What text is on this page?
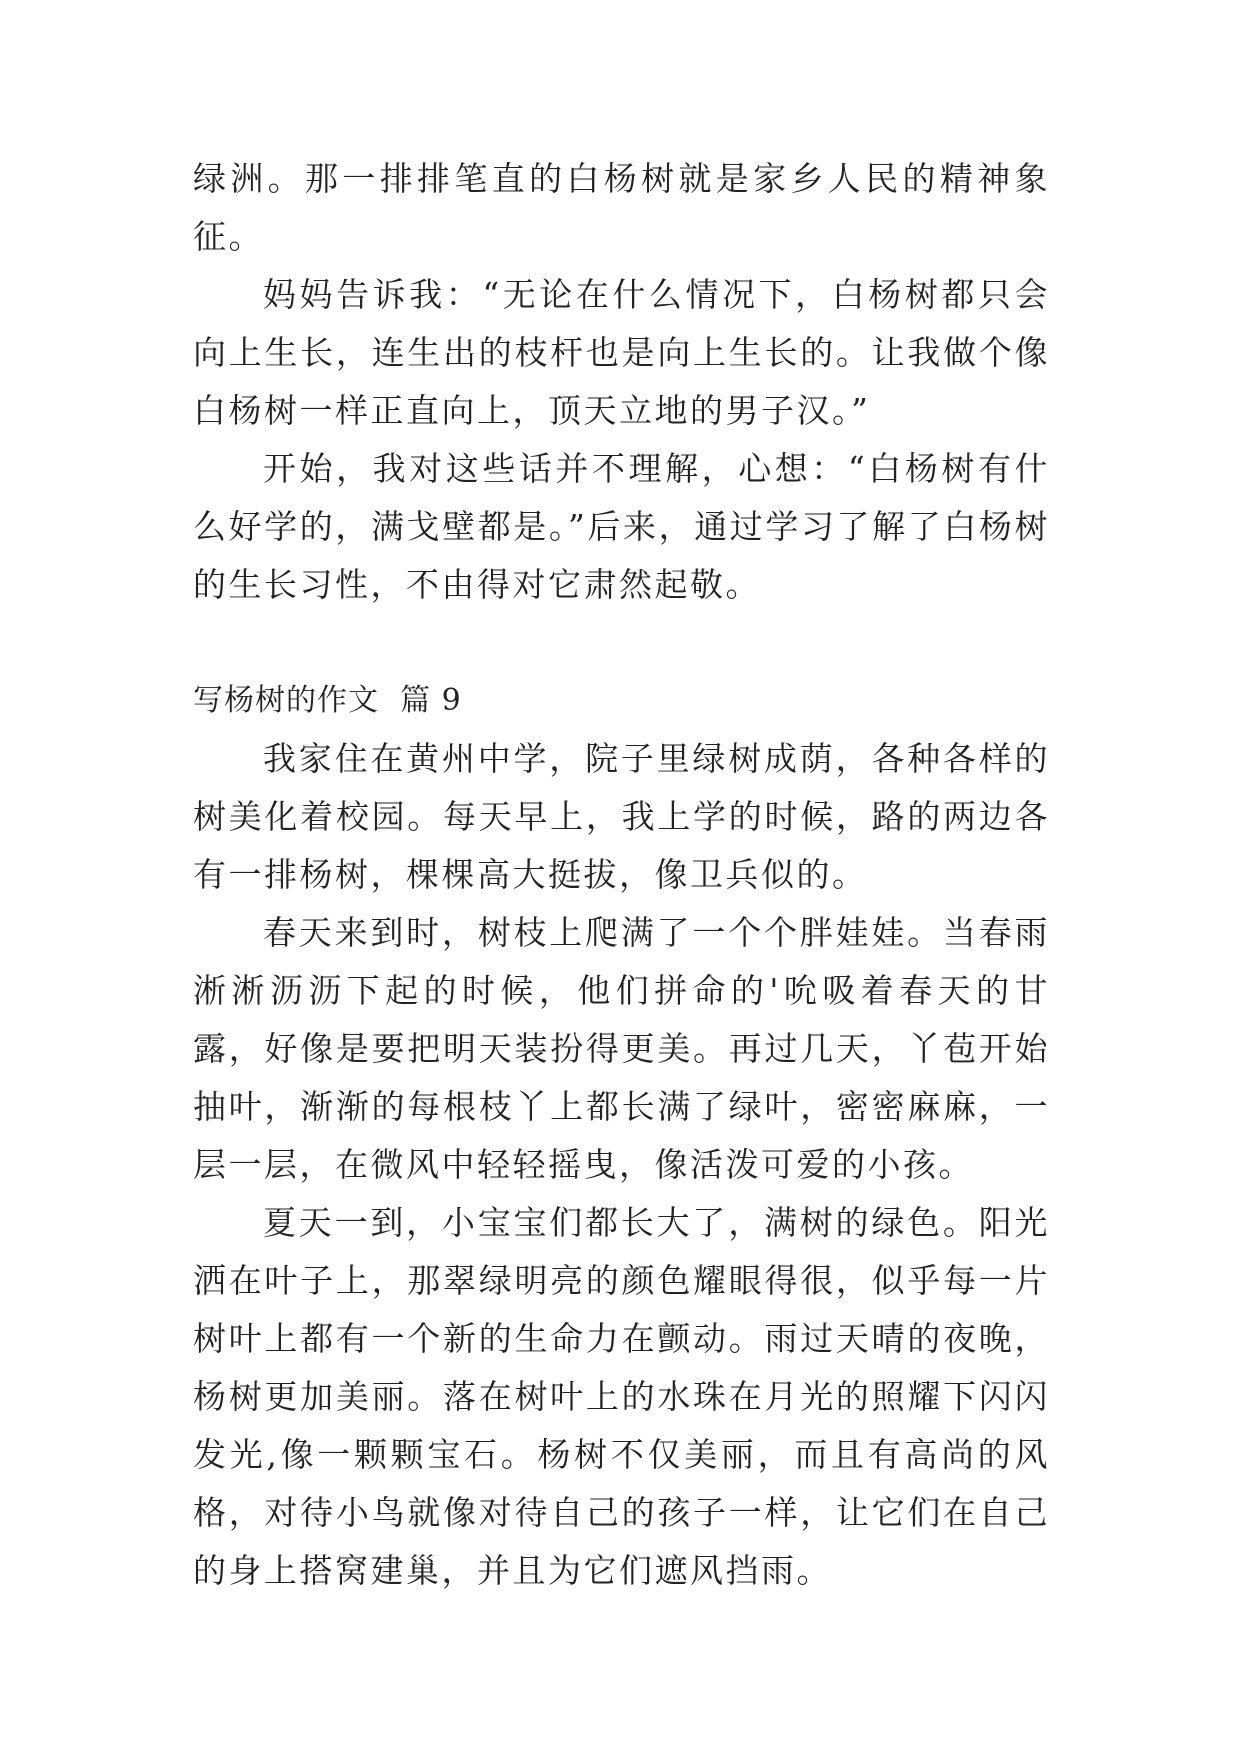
绿洲。那一排排笔直的白杨树就是家乡人民的精神象征。

妈妈告诉我：“无论在什么情况下，白杨树都只会向上生长，连生出的枝杆也是向上生长的。让我做个像白杨树一样正直向上，顶天立地的男子汉。”

开始，我对这些话并不理解，心想：“白杨树有什么好学的，满戈壁都是。”后来，通过学习了解了白杨树的生长习性，不由得对它肃然起敬。

写杨树的作文  篇 9

我家住在黄州中学，院子里绿树成荫，各种各样的树美化着校园。每天早上，我上学的时候，路的两边各有一排杨树，棵棵高大挺拔，像卫兵似的。

春天来到时，树枝上爬满了一个个胖娃娃。当春雨淅淅沥沥下起的时候，他们拼命的'吮吸着春天的甘露，好像是要把明天装扮得更美。再过几天，丫苞开始抽叶，渐渐的每根枝丫上都长满了绿叶，密密麻麻，一层一层，在微风中轻轻摇曳，像活泼可爱的小孩。

夏天一到，小宝宝们都长大了，满树的绿色。阳光洒在叶子上，那翠绿明亮的颜色耀眼得很，似乎每一片树叶上都有一个新的生命力在颤动。雨过天晴的夜晚，杨树更加美丽。落在树叶上的水珠在月光的照耀下闪闪发光,像一颗颗宝石。杨树不仅美丽，而且有高尚的风格，对待小鸟就像对待自己的孩子一样，让它们在自己的身上搭窝建巢，并且为它们遮风挡雨。
